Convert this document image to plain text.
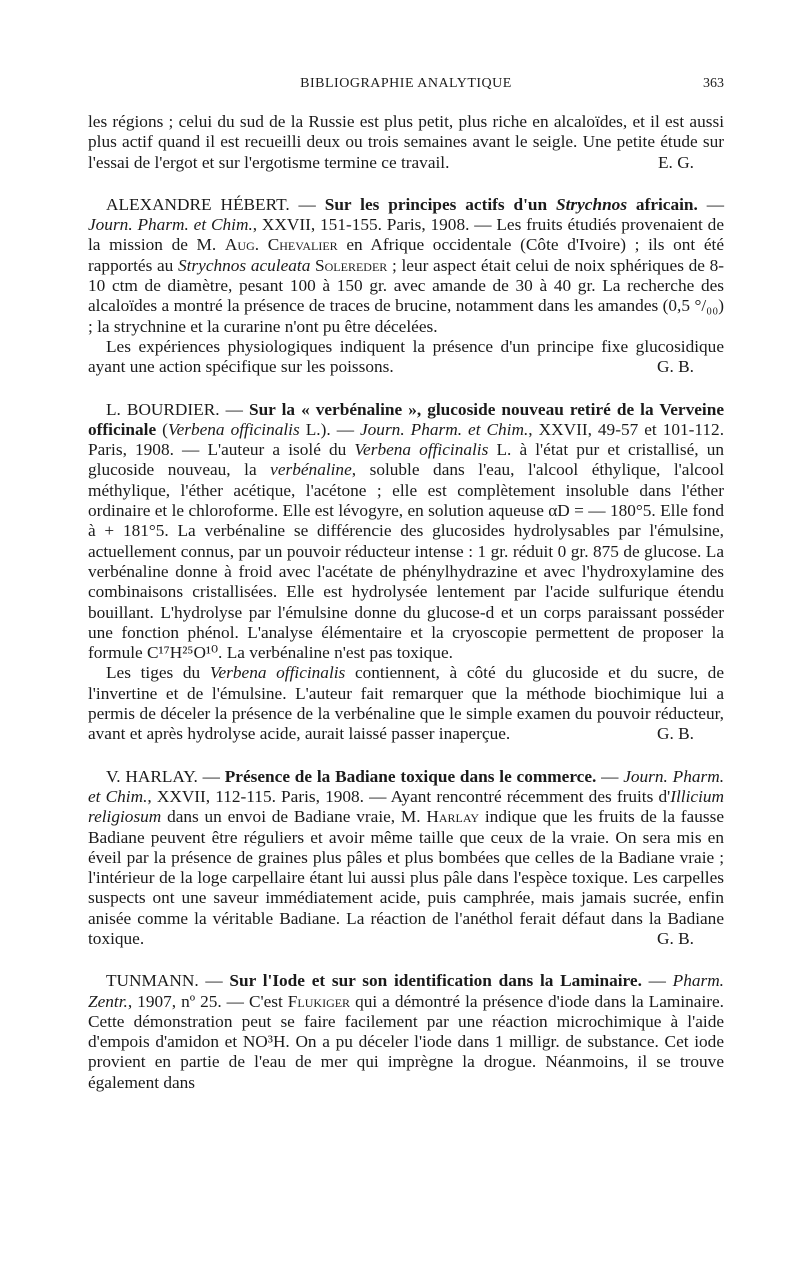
BIBLIOGRAPHIE ANALYTIQUE	363

les régions ; celui du sud de la Russie est plus petit, plus riche en alcaloïdes, et il est aussi plus actif quand il est recueilli deux ou trois semaines avant le seigle. Une petite étude sur l'essai de l'ergot et sur l'ergotisme termine ce travail.	E. G.

ALEXANDRE HÉBERT. — Sur les principes actifs d'un Strychnos africain. — Journ. Pharm. et Chim., XXVII, 151-155. Paris, 1908. — Les fruits étudiés provenaient de la mission de M. Aug. Chevalier en Afrique occidentale (Côte d'Ivoire) ; ils ont été rapportés au Strychnos aculeata Solereder ; leur aspect était celui de noix sphériques de 8-10 ctm de diamètre, pesant 100 à 150 gr. avec amande de 30 à 40 gr. La recherche des alcaloïdes a montré la présence de traces de brucine, notamment dans les amandes (0,5 °/₀₀) ; la strychnine et la curarine n'ont pu être décelées.

Les expériences physiologiques indiquent la présence d'un principe fixe glucosidique ayant une action spécifique sur les poissons.	G. B.

L. BOURDIER. — Sur la « verbénaline », glucoside nouveau retiré de la Verveine officinale (Verbena officinalis L.). — Journ. Pharm. et Chim., XXVII, 49-57 et 101-112. Paris, 1908. — L'auteur a isolé du Verbena officinalis L. à l'état pur et cristallisé, un glucoside nouveau, la verbénaline, soluble dans l'eau, l'alcool éthylique, l'alcool méthylique, l'éther acétique, l'acétone ; elle est complètement insoluble dans l'éther ordinaire et le chloroforme. Elle est lévogyre, en solution aqueuse αD = — 180°5. Elle fond à + 181°5. La verbénaline se différencie des glucosides hydrolysables par l'émulsine, actuellement connus, par un pouvoir réducteur intense : 1 gr. réduit 0 gr. 875 de glucose. La verbénaline donne à froid avec l'acétate de phénylhydrazine et avec l'hydroxylamine des combinaisons cristallisées. Elle est hydrolysée lentement par l'acide sulfurique étendu bouillant. L'hydrolyse par l'émulsine donne du glucose-d et un corps paraissant posséder une fonction phénol. L'analyse élémentaire et la cryoscopie permettent de proposer la formule C¹⁷H²⁵O¹⁰. La verbénaline n'est pas toxique.

Les tiges du Verbena officinalis contiennent, à côté du glucoside et du sucre, de l'invertine et de l'émulsine. L'auteur fait remarquer que la méthode biochimique lui a permis de déceler la présence de la verbénaline que le simple examen du pouvoir réducteur, avant et après hydrolyse acide, aurait laissé passer inaperçue.	G. B.

V. HARLAY. — Présence de la Badiane toxique dans le commerce. — Journ. Pharm. et Chim., XXVII, 112-115. Paris, 1908. — Ayant rencontré récemment des fruits d'Illicium religiosum dans un envoi de Badiane vraie, M. Harlay indique que les fruits de la fausse Badiane peuvent être réguliers et avoir même taille que ceux de la vraie. On sera mis en éveil par la présence de graines plus pâles et plus bombées que celles de la Badiane vraie ; l'intérieur de la loge carpellaire étant lui aussi plus pâle dans l'espèce toxique. Les carpelles suspects ont une saveur immédiatement acide, puis camphrée, mais jamais sucrée, enfin anisée comme la véritable Badiane. La réaction de l'anéthol ferait défaut dans la Badiane toxique.	G. B.

TUNMANN. — Sur l'Iode et sur son identification dans la Laminaire. — Pharm. Zentr., 1907, nº 25. — C'est Flukiger qui a démontré la présence d'iode dans la Laminaire. Cette démonstration peut se faire facilement par une réaction microchimique à l'aide d'empois d'amidon et NO³H. On a pu déceler l'iode dans 1 milligr. de substance. Cet iode provient en partie de l'eau de mer qui imprègne la drogue. Néanmoins, il se trouve également dans
